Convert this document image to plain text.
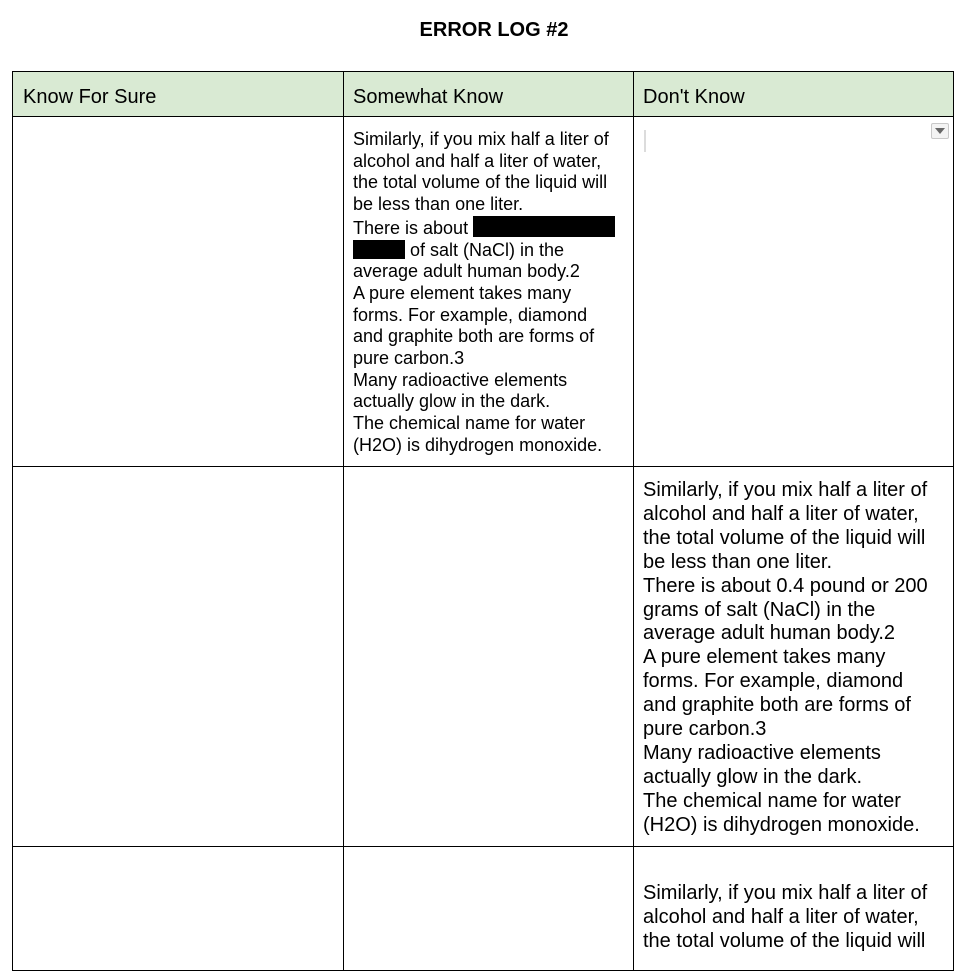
ERROR LOG #2
Know For Sure	Somewhat Know	Don't Know
Similarly, if you mix half a liter of
alcohol and half a liter of water,
the total volume of the liquid will
be less than one liter.
There is about
of salt (NaCl) in the
average adult human body.2
A pure element takes many
forms. For example, diamond
and graphite both are forms of
pure carbon.3
Many radioactive elements
actually glow in the dark.
The chemical name for water
(H2O) is dihydrogen monoxide.
Similarly, if you mix half a liter of
alcohol and half a liter of water,
the total volume of the liquid will
be less than one liter.
There is about 0.4 pound or 200
grams of salt (NaCl) in the
average adult human body.2
A pure element takes many
forms. For example, diamond
and graphite both are forms of
pure carbon.3
Many radioactive elements
actually glow in the dark.
The chemical name for water
(H2O) is dihydrogen monoxide.
Similarly, if you mix half a liter of
alcohol and half a liter of water,
the total volume of the liquid will
